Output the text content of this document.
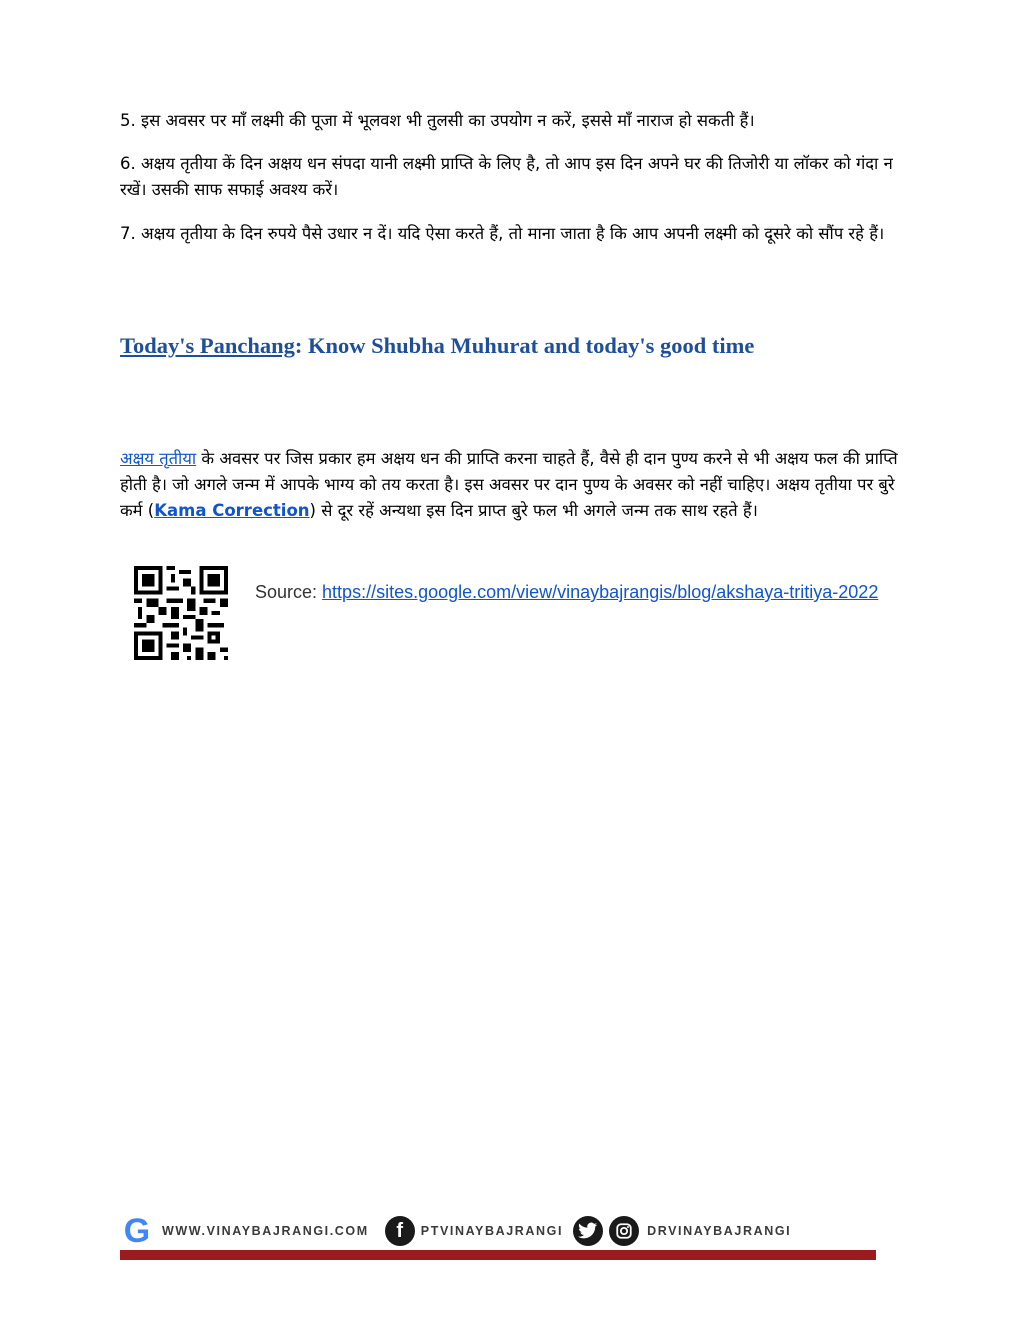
5. इस अवसर पर माँ लक्ष्मी की पूजा में भूलवश भी तुलसी का उपयोग न करें, इससे माँ नाराज हो सकती हैं।

6. अक्षय तृतीया कें दिन अक्षय धन संपदा यानी लक्ष्मी प्राप्ति के लिए है, तो आप इस दिन अपने घर की तिजोरी या लॉकर को गंदा न रखें। उसकी साफ सफाई अवश्य करें।

7. अक्षय तृतीया के दिन रुपये पैसे उधार न दें। यदि ऐसा करते हैं, तो माना जाता है कि आप अपनी लक्ष्मी को दूसरे को सौंप रहे हैं।

Today's Panchang: Know Shubha Muhurat and today's good time

अक्षय तृतीया के अवसर पर जिस प्रकार हम अक्षय धन की प्राप्ति करना चाहते हैं, वैसे ही दान पुण्य करने से भी अक्षय फल की प्राप्ति होती है। जो अगले जन्म में आपके भाग्य को तय करता है। इस अवसर पर दान पुण्य के अवसर को नहीं चाहिए। अक्षय तृतीया पर बुरे कर्म (Kama Correction) से दूर रहें अन्यथा इस दिन प्राप्त बुरे फल भी अगले जन्म तक साथ रहते हैं।

Source: https://sites.google.com/view/vinaybajrangis/blog/akshaya-tritiya-2022
G WWW.VINAYBAJRANGI.COM	f	PTVINAYBAJRANGI	DRVINAYBAJRANGI
